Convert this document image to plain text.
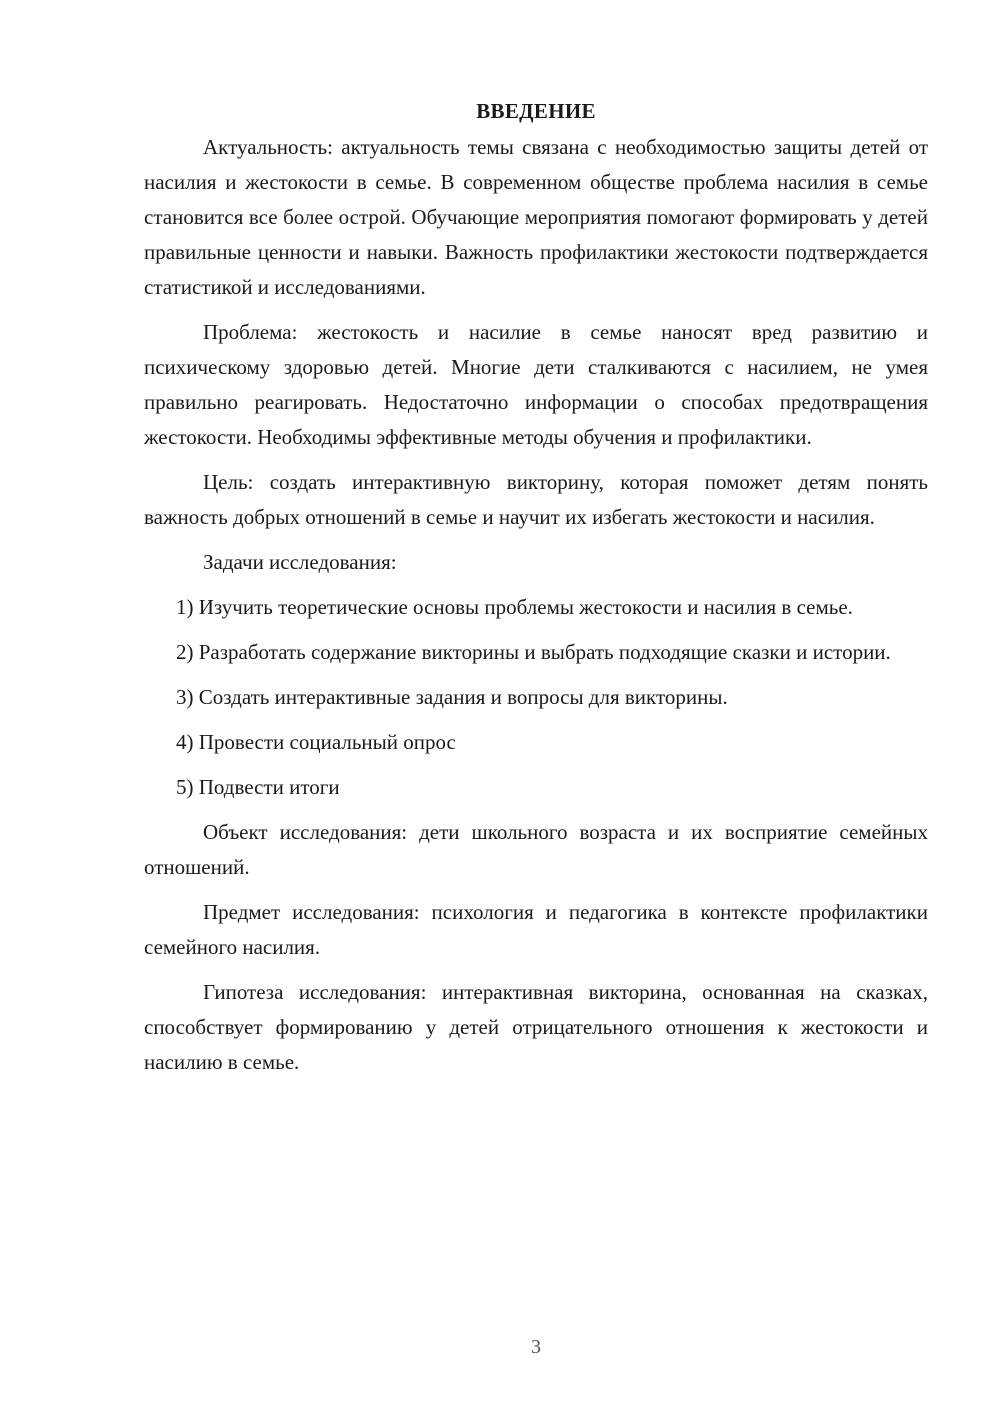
ВВЕДЕНИЕ

Актуальность: актуальность темы связана с необходимостью защиты детей от насилия и жестокости в семье. В современном обществе проблема насилия в семье становится все более острой. Обучающие мероприятия помогают формировать у детей правильные ценности и навыки. Важность профилактики жестокости подтверждается статистикой и исследованиями.

Проблема: жестокость и насилие в семье наносят вред развитию и психическому здоровью детей. Многие дети сталкиваются с насилием, не умея правильно реагировать. Недостаточно информации о способах предотвращения жестокости. Необходимы эффективные методы обучения и профилактики.

Цель: создать интерактивную викторину, которая поможет детям понять важность добрых отношений в семье и научит их избегать жестокости и насилия.

Задачи исследования:

1) Изучить теоретические основы проблемы жестокости и насилия в семье.

2) Разработать содержание викторины и выбрать подходящие сказки и истории.

3) Создать интерактивные задания и вопросы для викторины.

4) Провести социальный опрос

5) Подвести итоги

Объект исследования: дети школьного возраста и их восприятие семейных отношений.

Предмет исследования: психология и педагогика в контексте профилактики семейного насилия.

Гипотеза исследования: интерактивная викторина, основанная на сказках, способствует формированию у детей отрицательного отношения к жестокости и насилию в семье.

3
